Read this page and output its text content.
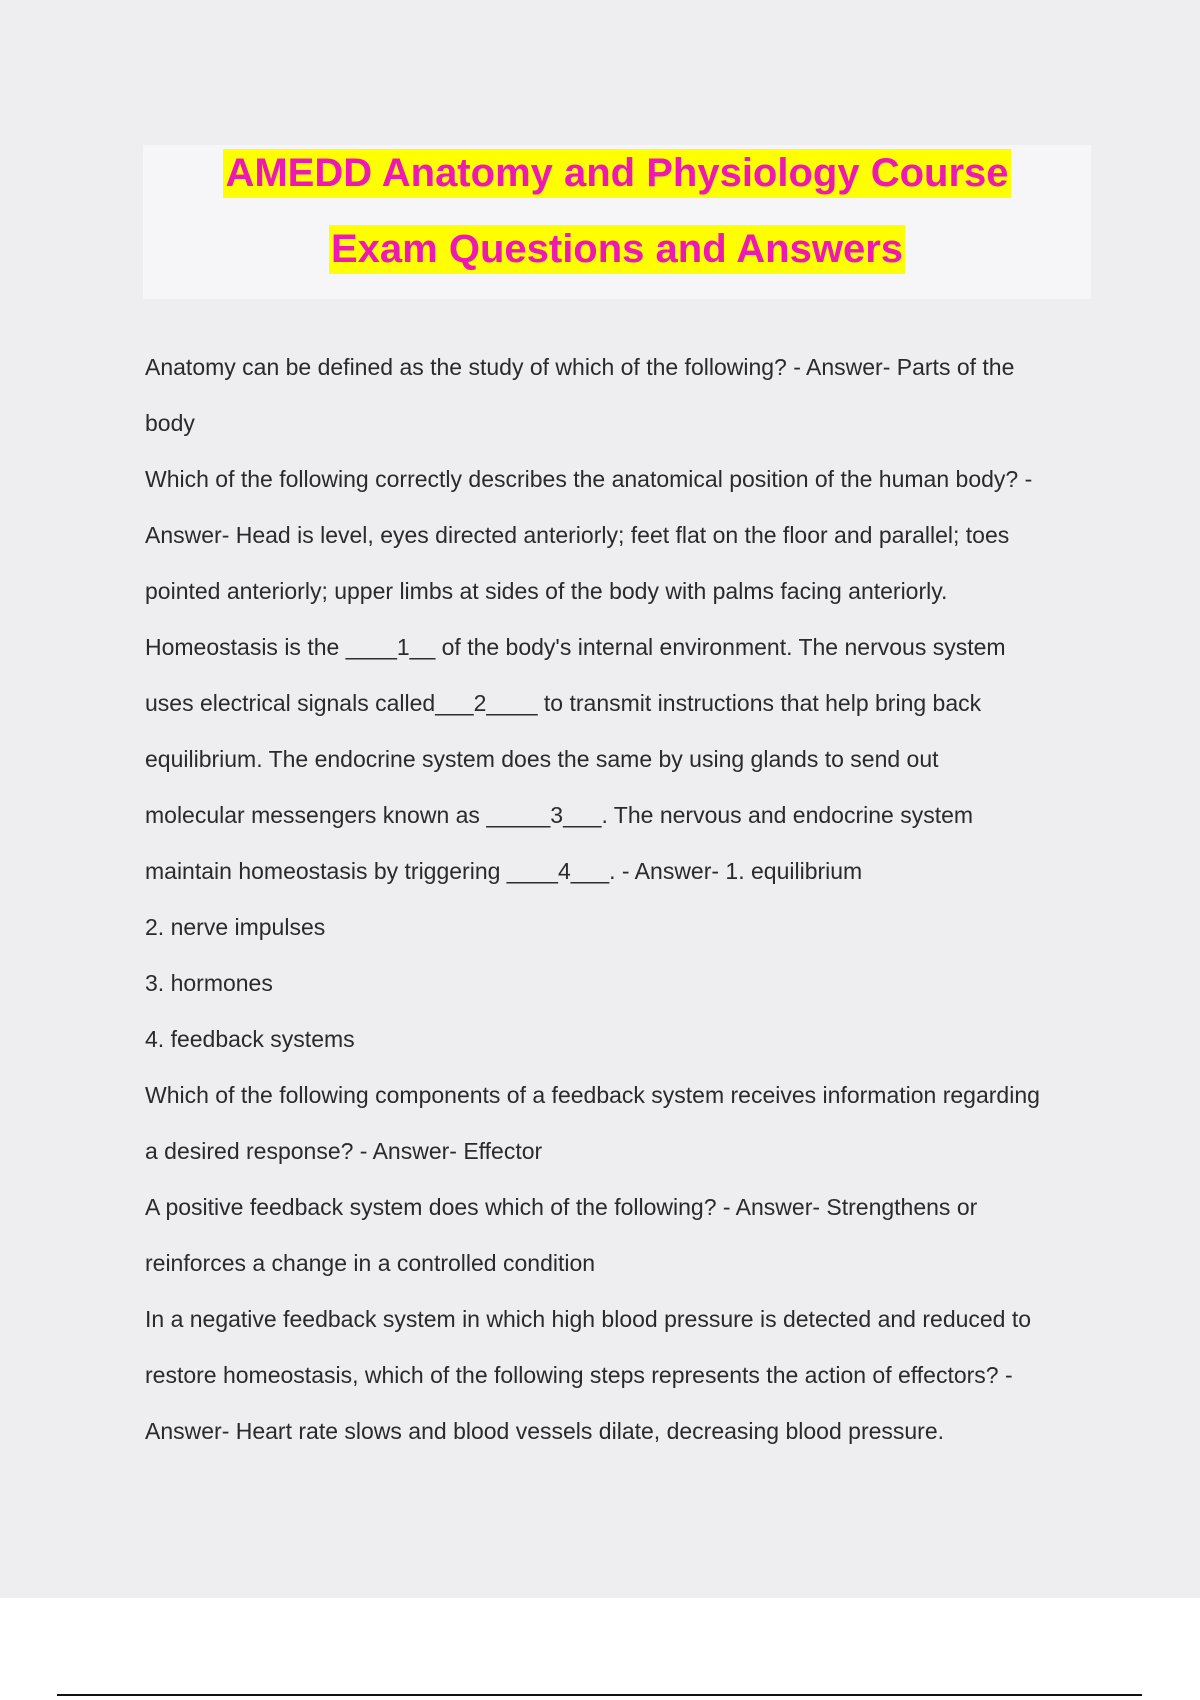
AMEDD Anatomy and Physiology Course
Exam Questions and Answers

Anatomy can be defined as the study of which of the following? - Answer- Parts of the

body

Which of the following correctly describes the anatomical position of the human body? -

Answer- Head is level, eyes directed anteriorly; feet flat on the floor and parallel; toes

pointed anteriorly; upper limbs at sides of the body with palms facing anteriorly.

Homeostasis is the ____1__ of the body's internal environment. The nervous system

uses electrical signals called___2____ to transmit instructions that help bring back

equilibrium. The endocrine system does the same by using glands to send out

molecular messengers known as _____3___. The nervous and endocrine system

maintain homeostasis by triggering ____4___. - Answer- 1. equilibrium

2. nerve impulses

3. hormones

4. feedback systems

Which of the following components of a feedback system receives information regarding

a desired response? - Answer- Effector

A positive feedback system does which of the following? - Answer- Strengthens or

reinforces a change in a controlled condition

In a negative feedback system in which high blood pressure is detected and reduced to

restore homeostasis, which of the following steps represents the action of effectors? -

Answer- Heart rate slows and blood vessels dilate, decreasing blood pressure.
